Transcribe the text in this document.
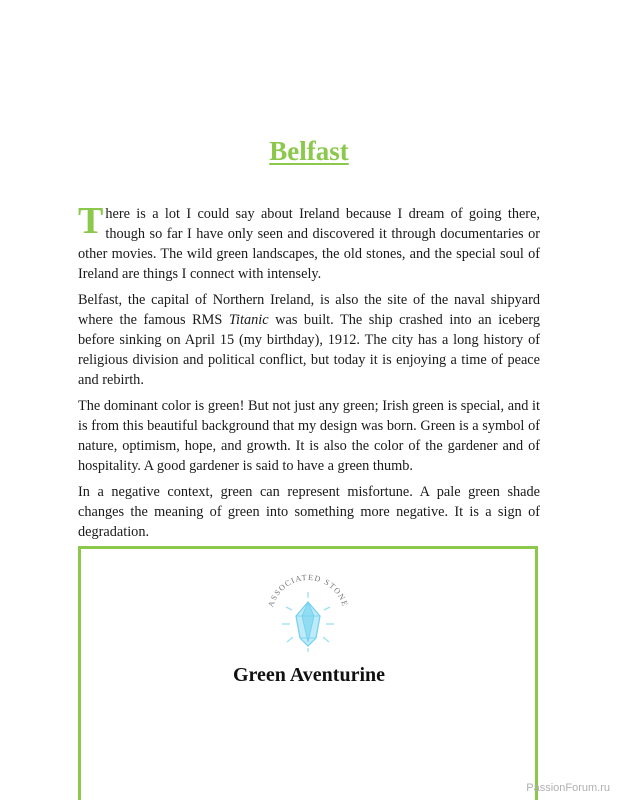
Belfast

There is a lot I could say about Ireland because I dream of going there, though so far I have only seen and discovered it through documentaries or other movies. The wild green landscapes, the old stones, and the special soul of Ireland are things I connect with intensely.

Belfast, the capital of Northern Ireland, is also the site of the naval shipyard where the famous RMS Titanic was built. The ship crashed into an iceberg before sinking on April 15 (my birthday), 1912. The city has a long history of religious division and political conflict, but today it is enjoying a time of peace and rebirth.

The dominant color is green! But not just any green; Irish green is special, and it is from this beautiful background that my design was born. Green is a symbol of nature, optimism, hope, and growth. It is also the color of the gardener and of hospitality. A good gardener is said to have a green thumb.

In a negative context, green can represent misfortune. A pale green shade changes the meaning of green into something more negative. It is a sign of degradation.

ASSOCIATED STONE
Green Aventurine
PassionForum.ru
